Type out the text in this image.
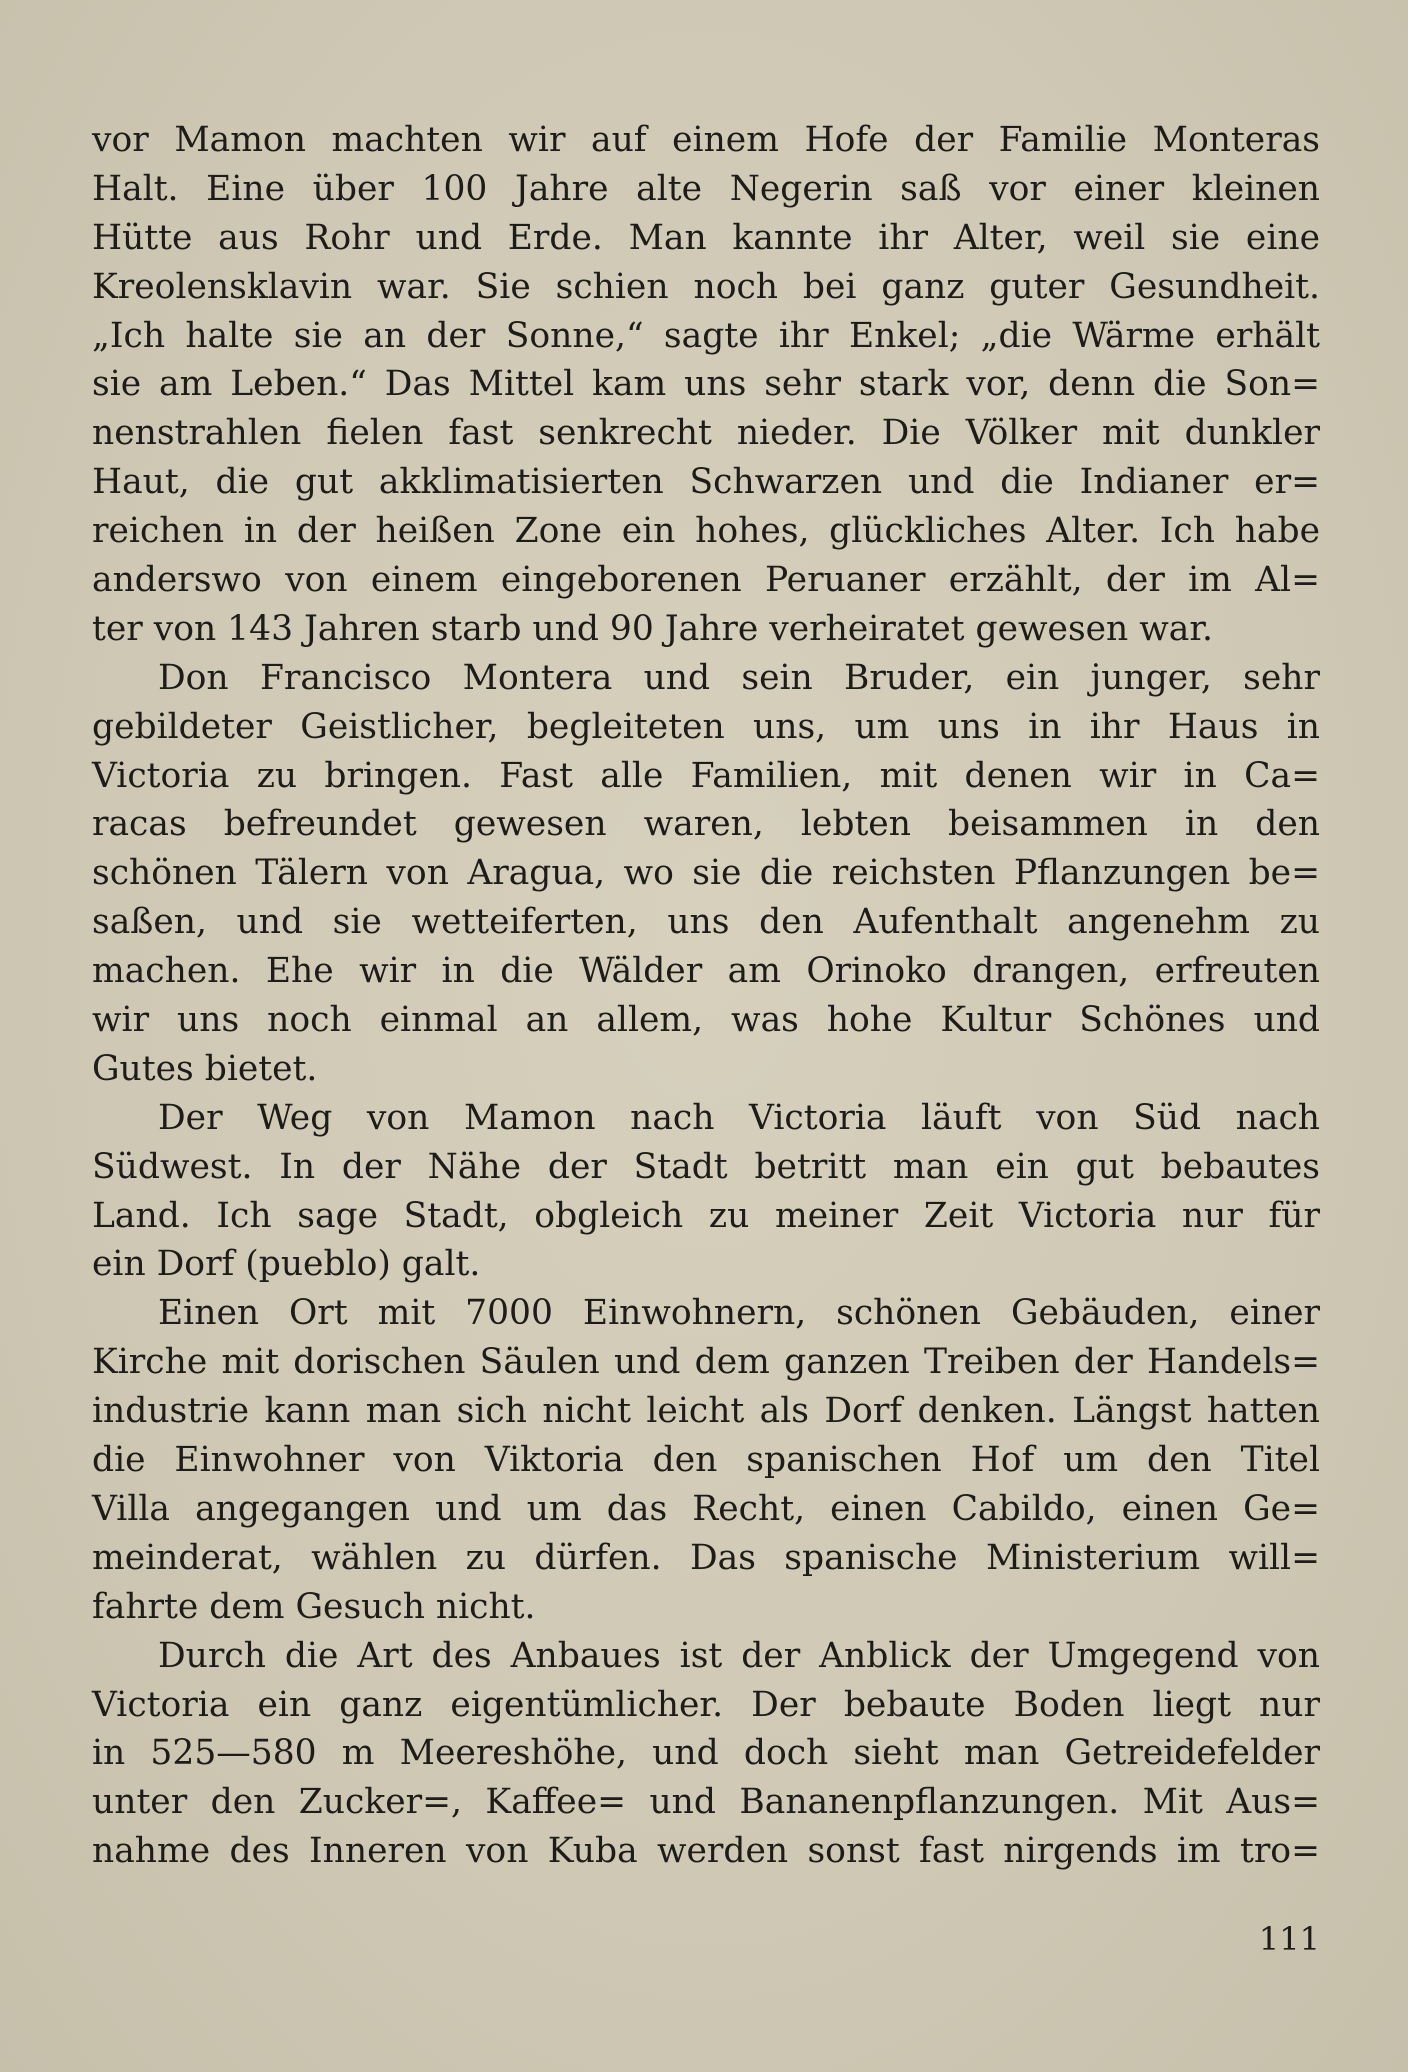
vor Mamon machten wir auf einem Hofe der Familie Monteras
Halt. Eine über 100 Jahre alte Negerin saß vor einer kleinen
Hütte aus Rohr und Erde. Man kannte ihr Alter, weil sie eine
Kreolensklavin war. Sie schien noch bei ganz guter Gesundheit.
„Ich halte sie an der Sonne,“ sagte ihr Enkel; „die Wärme erhält
sie am Leben.“ Das Mittel kam uns sehr stark vor, denn die Son=
nenstrahlen fielen fast senkrecht nieder. Die Völker mit dunkler
Haut, die gut akklimatisierten Schwarzen und die Indianer er=
reichen in der heißen Zone ein hohes, glückliches Alter. Ich habe
anderswo von einem eingeborenen Peruaner erzählt, der im Al=
ter von 143 Jahren starb und 90 Jahre verheiratet gewesen war.
Don Francisco Montera und sein Bruder, ein junger, sehr
gebildeter Geistlicher, begleiteten uns, um uns in ihr Haus in
Victoria zu bringen. Fast alle Familien, mit denen wir in Ca=
racas befreundet gewesen waren, lebten beisammen in den
schönen Tälern von Aragua, wo sie die reichsten Pflanzungen be=
saßen, und sie wetteiferten, uns den Aufenthalt angenehm zu
machen. Ehe wir in die Wälder am Orinoko drangen, erfreuten
wir uns noch einmal an allem, was hohe Kultur Schönes und
Gutes bietet.
Der Weg von Mamon nach Victoria läuft von Süd nach
Südwest. In der Nähe der Stadt betritt man ein gut bebautes
Land. Ich sage Stadt, obgleich zu meiner Zeit Victoria nur für
ein Dorf (pueblo) galt.
Einen Ort mit 7000 Einwohnern, schönen Gebäuden, einer
Kirche mit dorischen Säulen und dem ganzen Treiben der Handels=
industrie kann man sich nicht leicht als Dorf denken. Längst hatten
die Einwohner von Viktoria den spanischen Hof um den Titel
Villa angegangen und um das Recht, einen Cabildo, einen Ge=
meinderat, wählen zu dürfen. Das spanische Ministerium will=
fahrte dem Gesuch nicht.
Durch die Art des Anbaues ist der Anblick der Umgegend von
Victoria ein ganz eigentümlicher. Der bebaute Boden liegt nur
in 525—580 m Meereshöhe, und doch sieht man Getreidefelder
unter den Zucker=, Kaffee= und Bananenpflanzungen. Mit Aus=
nahme des Inneren von Kuba werden sonst fast nirgends im tro=
111
